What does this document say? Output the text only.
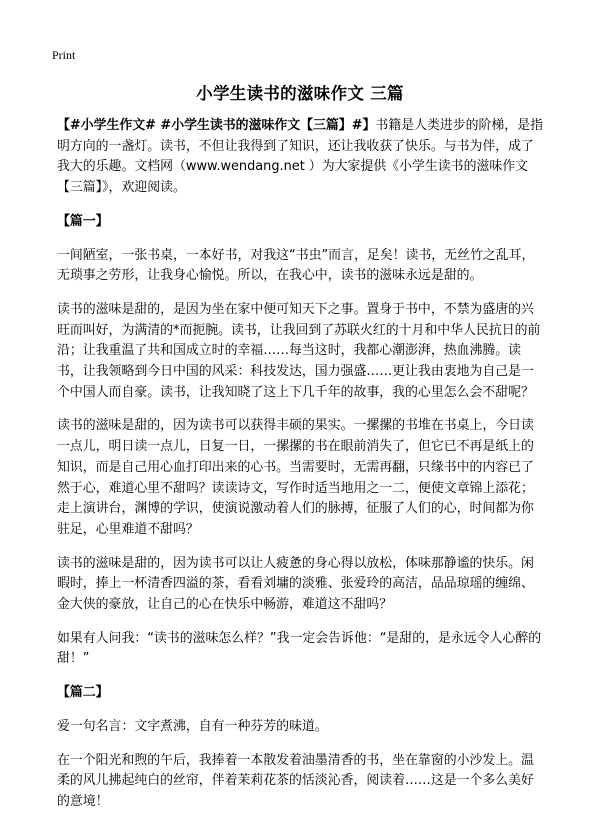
Print
小学生读书的滋味作文 三篇

【#小学生作文# #小学生读书的滋味作文【三篇】#】书籍是人类进步的阶梯，是指明方向的一盏灯。读书，不但让我得到了知识，还让我收获了快乐。与书为伴，成了我大的乐趣。文档网（www.wendang.net ）为大家提供《小学生读书的滋味作文【三篇】》，欢迎阅读。

【篇一】

一间陋室，一张书桌，一本好书，对我这“书虫”而言，足矣！读书，无丝竹之乱耳，无琐事之劳形，让我身心愉悦。所以，在我心中，读书的滋味永远是甜的。

读书的滋味是甜的，是因为坐在家中便可知天下之事。置身于书中，不禁为盛唐的兴旺而叫好，为满清的*而扼腕。读书，让我回到了苏联火红的十月和中华人民抗日的前沿；让我重温了共和国成立时的幸福……每当这时，我都心潮澎湃，热血沸腾。读书，让我领略到今日中国的风采：科技发达，国力强盛……更让我由衷地为自己是一个中国人而自豪。读书，让我知晓了这上下几千年的故事，我的心里怎么会不甜呢？

读书的滋味是甜的，因为读书可以获得丰硕的果实。一摞摞的书堆在书桌上，今日读一点儿，明日读一点儿，日复一日，一摞摞的书在眼前消失了，但它已不再是纸上的知识，而是自己用心血打印出来的心书。当需要时，无需再翻，只缘书中的内容已了然于心，难道心里不甜吗？读读诗文，写作时适当地用之一二，便使文章锦上添花；走上演讲台，渊博的学识，使演说激动着人们的脉搏，征服了人们的心，时间都为你驻足，心里难道不甜吗？

读书的滋味是甜的，因为读书可以让人疲惫的身心得以放松，体味那静谧的快乐。闲暇时，捧上一杯清香四溢的茶，看看刘墉的淡雅、张爱玲的高洁，品品琼瑶的缠绵、金大侠的豪放，让自己的心在快乐中畅游，难道这不甜吗？

如果有人问我：“读书的滋味怎么样？”我一定会告诉他：“是甜的，是永远令人心醉的甜！”

【篇二】

爱一句名言：文字煮沸，自有一种芬芳的味道。

在一个阳光和煦的午后，我捧着一本散发着油墨清香的书，坐在靠窗的小沙发上。温柔的风儿拂起纯白的丝帘，伴着茉莉花茶的恬淡沁香，阅读着……这是一个多么美好的意境！
